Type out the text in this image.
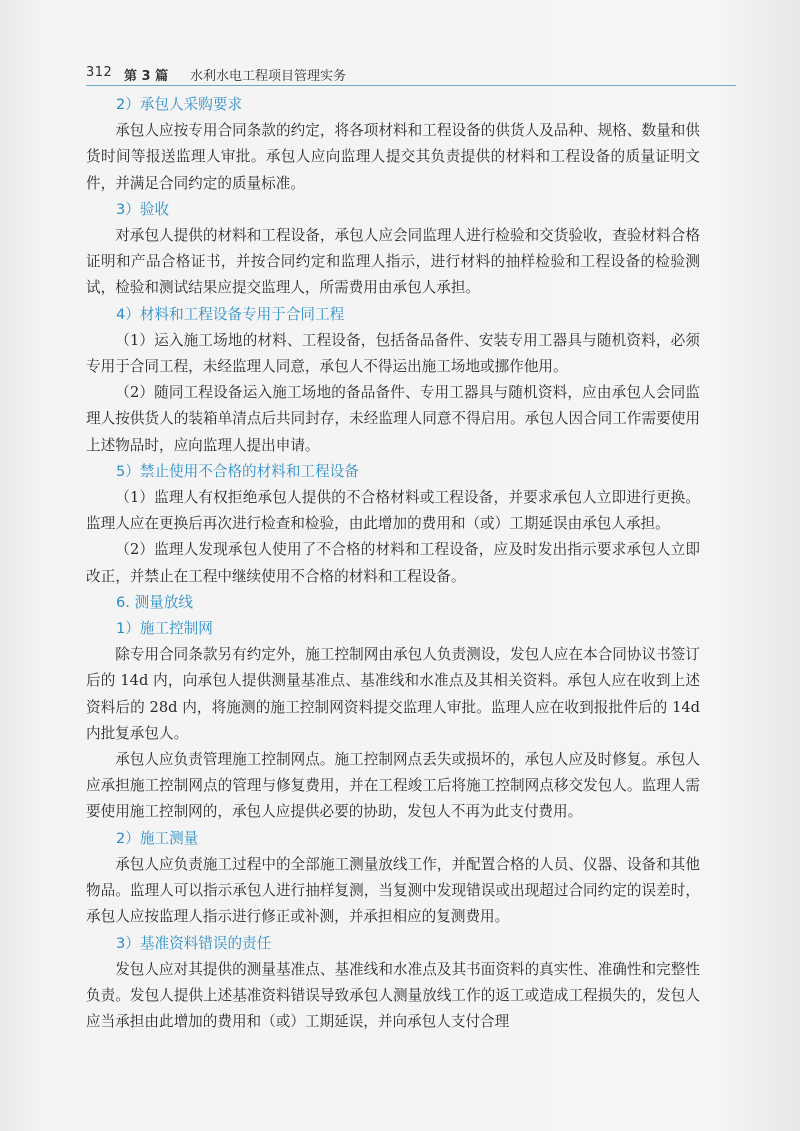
312 第 3 篇 水利水电工程项目管理实务
2）承包人采购要求

承包人应按专用合同条款的约定，将各项材料和工程设备的供货人及品种、规格、数量和供货时间等报送监理人审批。承包人应向监理人提交其负责提供的材料和工程设备的质量证明文件，并满足合同约定的质量标准。

3）验收

对承包人提供的材料和工程设备，承包人应会同监理人进行检验和交货验收，查验材料合格证明和产品合格证书，并按合同约定和监理人指示，进行材料的抽样检验和工程设备的检验测试，检验和测试结果应提交监理人，所需费用由承包人承担。

4）材料和工程设备专用于合同工程

（1）运入施工场地的材料、工程设备，包括备品备件、安装专用工器具与随机资料，必须专用于合同工程，未经监理人同意，承包人不得运出施工场地或挪作他用。

（2）随同工程设备运入施工场地的备品备件、专用工器具与随机资料，应由承包人会同监理人按供货人的装箱单清点后共同封存，未经监理人同意不得启用。承包人因合同工作需要使用上述物品时，应向监理人提出申请。

5）禁止使用不合格的材料和工程设备

（1）监理人有权拒绝承包人提供的不合格材料或工程设备，并要求承包人立即进行更换。监理人应在更换后再次进行检查和检验，由此增加的费用和（或）工期延误由承包人承担。

（2）监理人发现承包人使用了不合格的材料和工程设备，应及时发出指示要求承包人立即改正，并禁止在工程中继续使用不合格的材料和工程设备。

6. 测量放线
1）施工控制网

除专用合同条款另有约定外，施工控制网由承包人负责测设，发包人应在本合同协议书签订后的 14d 内，向承包人提供测量基准点、基准线和水准点及其相关资料。承包人应在收到上述资料后的 28d 内，将施测的施工控制网资料提交监理人审批。监理人应在收到报批件后的 14d 内批复承包人。

承包人应负责管理施工控制网点。施工控制网点丢失或损坏的，承包人应及时修复。承包人应承担施工控制网点的管理与修复费用，并在工程竣工后将施工控制网点移交发包人。监理人需要使用施工控制网的，承包人应提供必要的协助，发包人不再为此支付费用。

2）施工测量

承包人应负责施工过程中的全部施工测量放线工作，并配置合格的人员、仪器、设备和其他物品。监理人可以指示承包人进行抽样复测，当复测中发现错误或出现超过合同约定的误差时，承包人应按监理人指示进行修正或补测，并承担相应的复测费用。

3）基准资料错误的责任

发包人应对其提供的测量基准点、基准线和水准点及其书面资料的真实性、准确性和完整性负责。发包人提供上述基准资料错误导致承包人测量放线工作的返工或造成工程损失的，发包人应当承担由此增加的费用和（或）工期延误，并向承包人支付合理
